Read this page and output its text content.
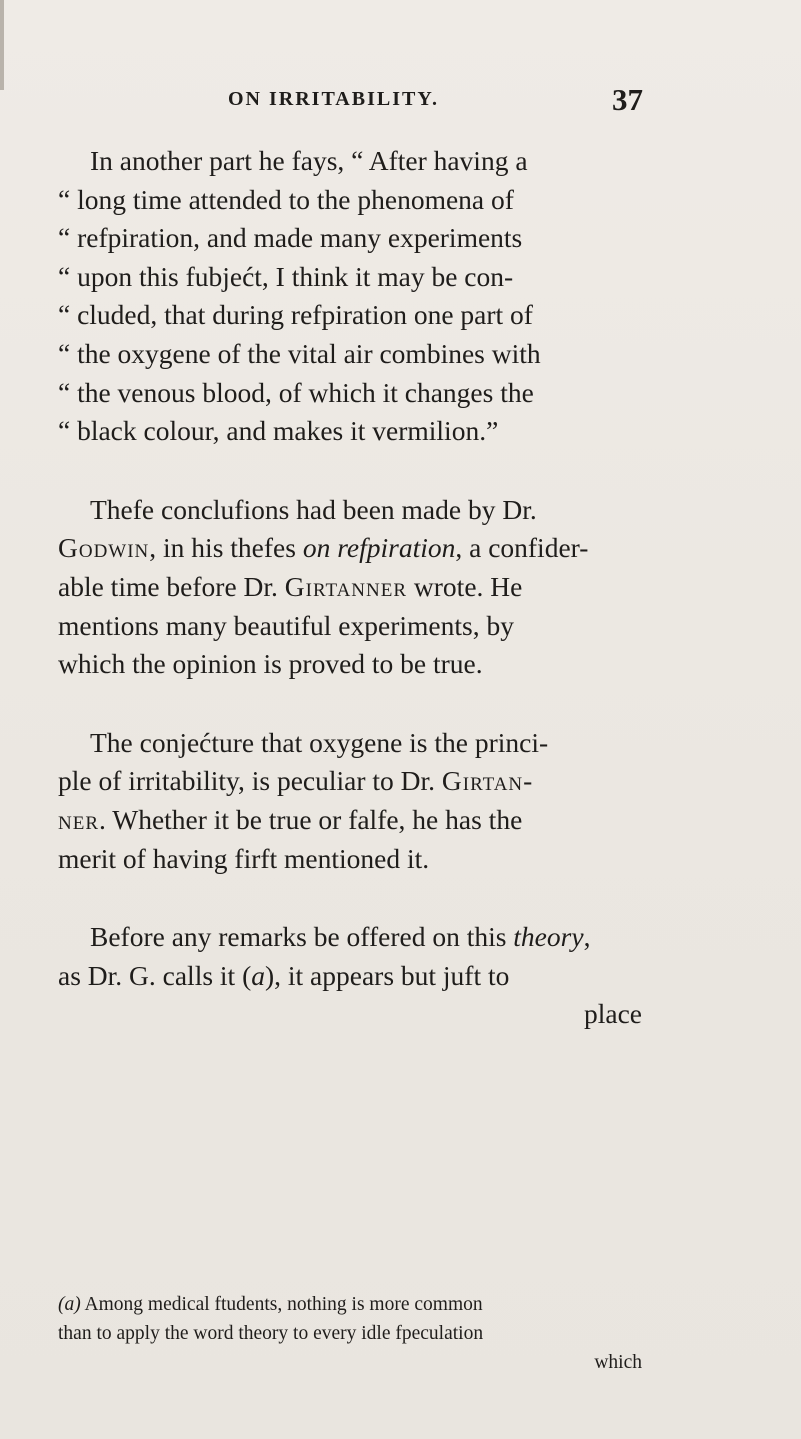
ON IRRITABILITY.	37
In another part he fays, “ After having a
“ long time attended to the phenomena of
“ refpiration, and made many experiments
“ upon this fubjećt, I think it may be con-
“ cluded, that during refpiration one part of
“ the oxygene of the vital air combines with
“ the venous blood, of which it changes the
“ black colour, and makes it vermilion.”
Thefe conclufions had been made by Dr.
Godwin, in his thefes on refpiration, a confider-
able time before Dr. Girtanner wrote. He
mentions many beautiful experiments, by
which the opinion is proved to be true.
The conjećture that oxygene is the princi-
ple of irritability, is peculiar to Dr. Girtan-
ner. Whether it be true or falfe, he has the
merit of having firft mentioned it.
Before any remarks be offered on this theory,
as Dr. G. calls it (a), it appears but juft to
place
(a) Among medical ftudents, nothing is more common
than to apply the word theory to every idle fpeculation
which
